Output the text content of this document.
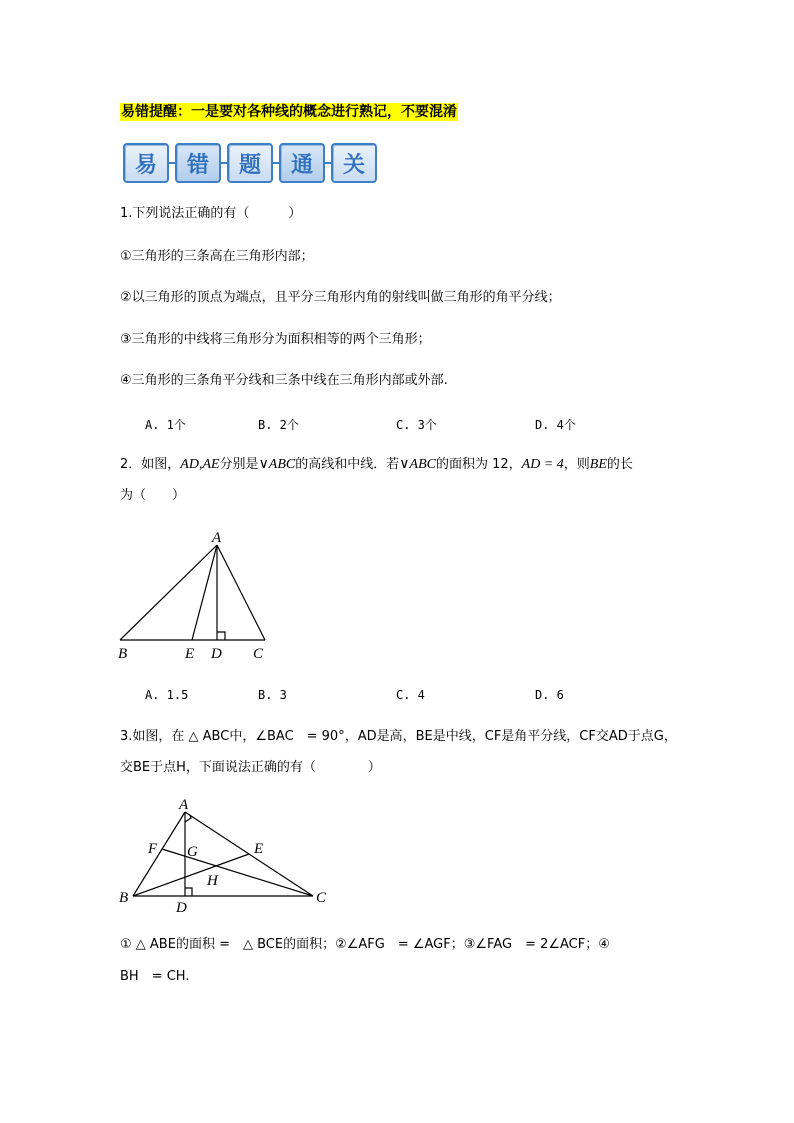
易错提醒：一是要对各种线的概念进行熟记，不要混淆
易	错	题	通	关
1.下列说法正确的有（　　　）
①三角形的三条高在三角形内部；
②以三角形的顶点为端点，且平分三角形内角的射线叫做三角形的角平分线；
③三角形的中线将三角形分为面积相等的两个三角形；
④三角形的三条角平分线和三条中线在三角形内部或外部.
A. 1个	B. 2个	C. 3个	D. 4个
2．如图，AD,AE分别是∨ABC的高线和中线．若∨ABC的面积为 12，AD = 4，则BE的长
为（　　）
A
B	E D C
A. 1.5	B. 3	C. 4	D. 6
3.如图，在 △ ABC中，∠BAC　= 90°，AD是高，BE是中线，CF是角平分线，CF交AD于点G，
交BE于点H，下面说法正确的有（　　　　）
A
F G	E
H
B
D
C
① △ ABE的面积 =　△ BCE的面积；②∠AFG　= ∠AGF；③∠FAG　= 2∠ACF；④
BH　= CH.
